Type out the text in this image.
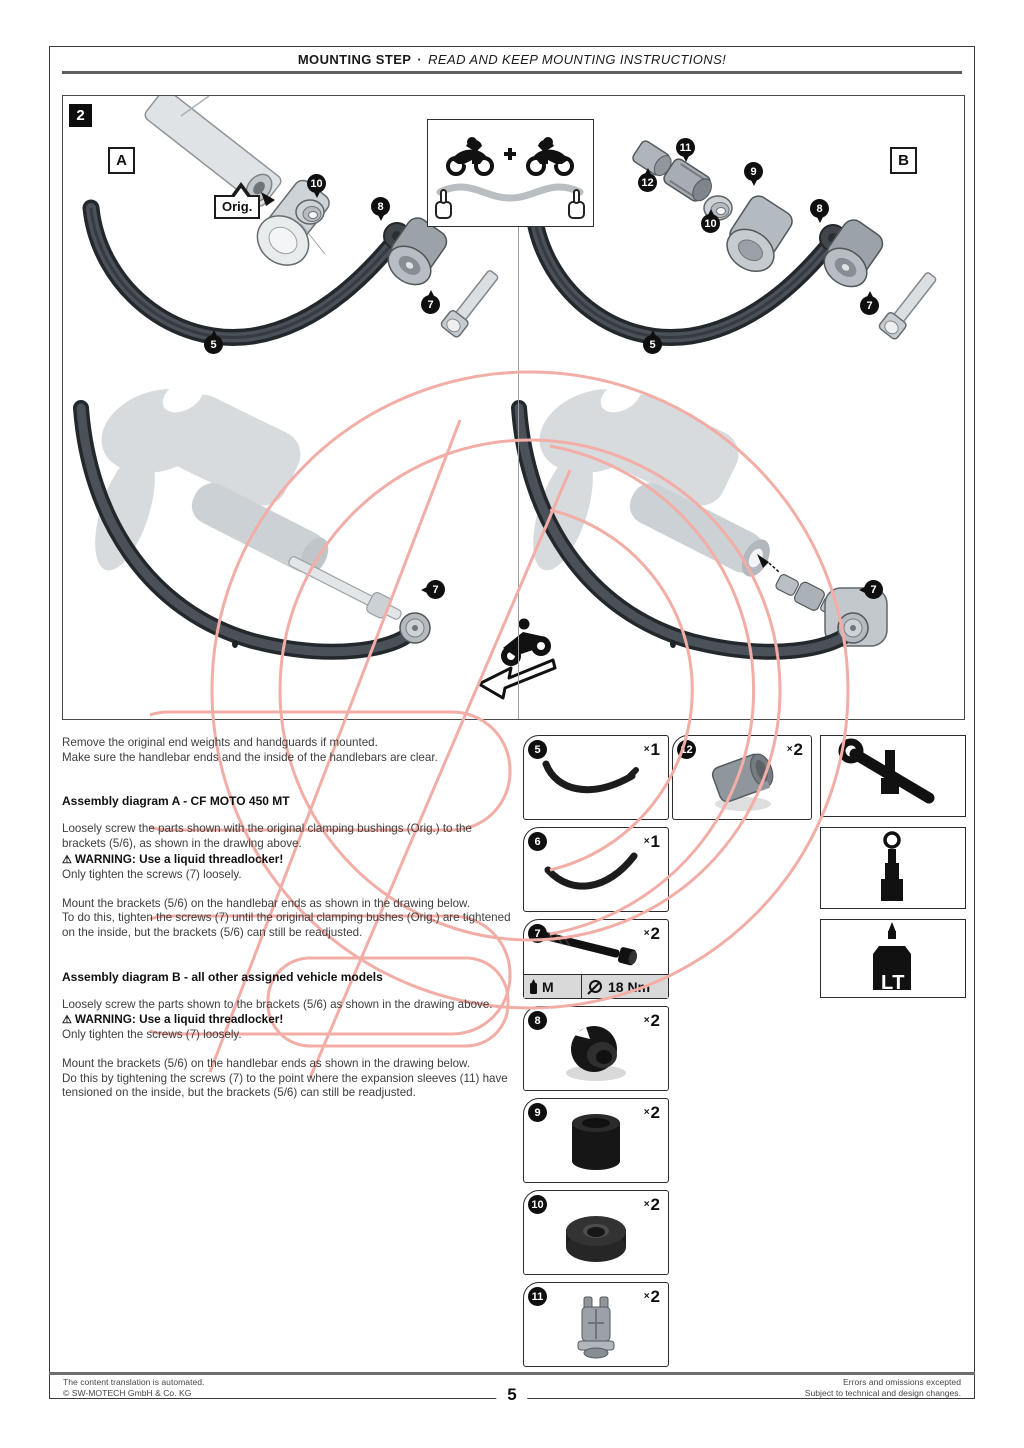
MOUNTING STEP · READ AND KEEP MOUNTING INSTRUCTIONS!
2
A	B
Orig.
10
8
7
5
11
12
9
10
8
7
5
7	7
Remove the original end weights and handguards if mounted.
Make sure the handlebar ends and the inside of the handlebars are clear.
Assembly diagram A - CF MOTO 450 MT
Loosely screw the parts shown with the original clamping bushings (Orig.) to the brackets (5/6), as shown in the drawing above.
⚠ WARNING: Use a liquid threadlocker!
Only tighten the screws (7) loosely.
Mount the brackets (5/6) on the handlebar ends as shown in the drawing below.
To do this, tighten the screws (7) until the original clamping bushes (Orig.) are tightened on the inside, but the brackets (5/6) can still be readjusted.
Assembly diagram B - all other assigned vehicle models
Loosely screw the parts shown to the brackets (5/6) as shown in the drawing above.
⚠ WARNING: Use a liquid threadlocker!
Only tighten the screws (7) loosely.
Mount the brackets (5/6) on the handlebar ends as shown in the drawing below.
Do this by tightening the screws (7) to the point where the expansion sleeves (11) have tensioned on the inside, but the brackets (5/6) can still be readjusted.
5	×1
6	×1
7	×2
M	18 Nm
8	×2
9	×2
10	×2
11	×2
12	×2
LT
The content translation is automated.
© SW-MOTECH GmbH & Co. KG
Errors and omissions excepted
Subject to technical and design changes.
5
